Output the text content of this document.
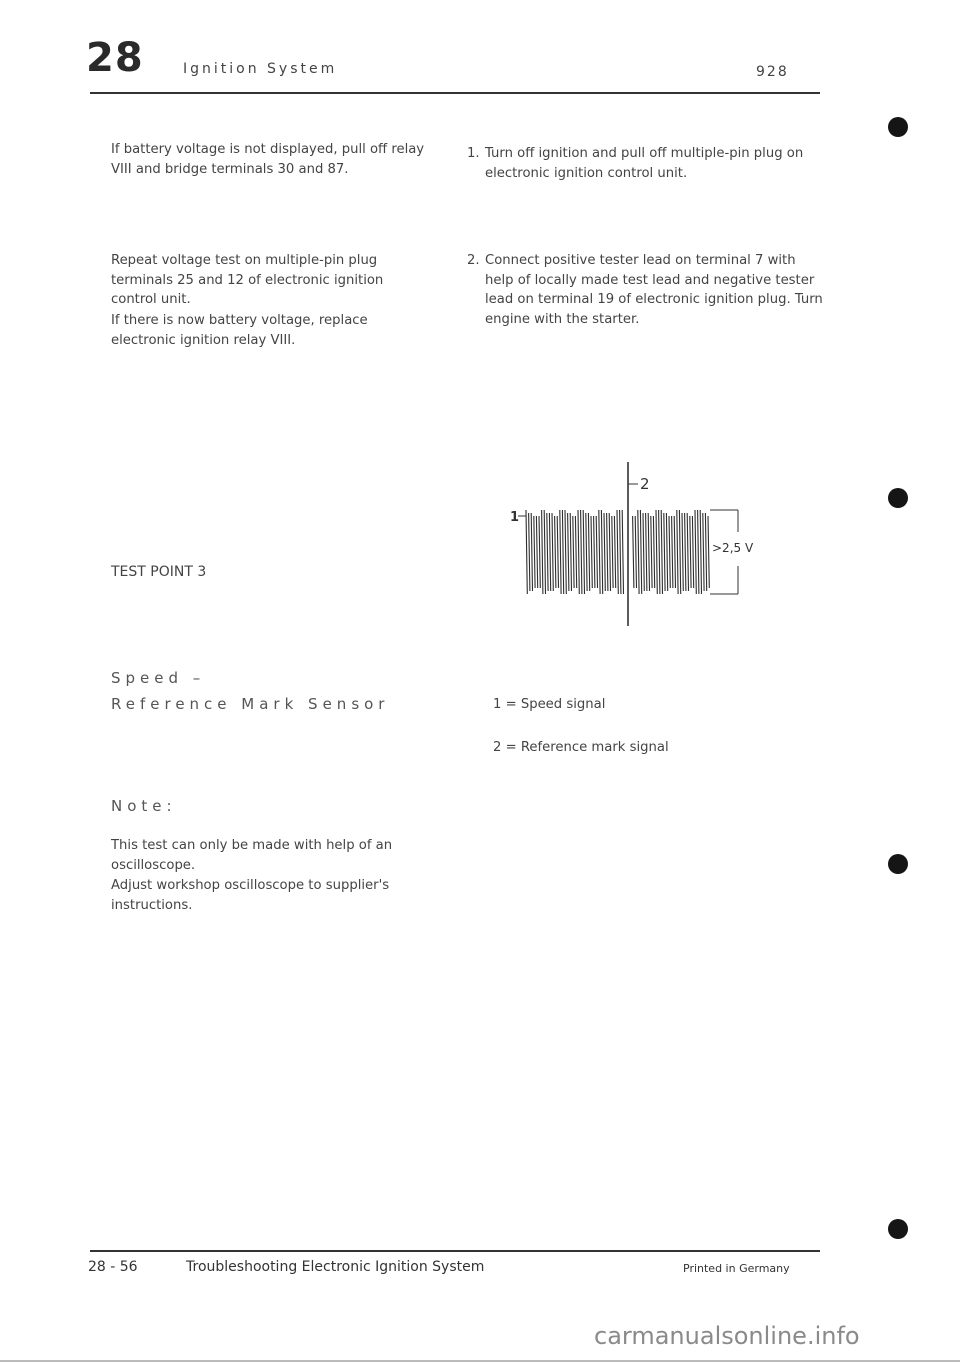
28	Ignition System	928
If battery voltage is not displayed, pull off relay VIII and bridge terminals 30 and 87.
Repeat voltage test on multiple-pin plug terminals 25 and 12 of electronic ignition control unit.
If there is now battery voltage, replace electronic ignition relay VIII.
TEST POINT 3
Speed –
Reference Mark Sensor
Note:
This test can only be made with help of an oscilloscope.
Adjust workshop oscilloscope to supplier's instructions.
1. Turn off ignition and pull off multiple-pin plug on electronic ignition control unit.
2. Connect positive tester lead on terminal 7 with help of locally made test lead and negative tester lead on terminal 19 of electronic ignition plug. Turn engine with the starter.
2
1
>2,5 V
1 = Speed signal
2 = Reference mark signal
28 - 56	Troubleshooting Electronic Ignition System	Printed in Germany
carmanualsonline.info
